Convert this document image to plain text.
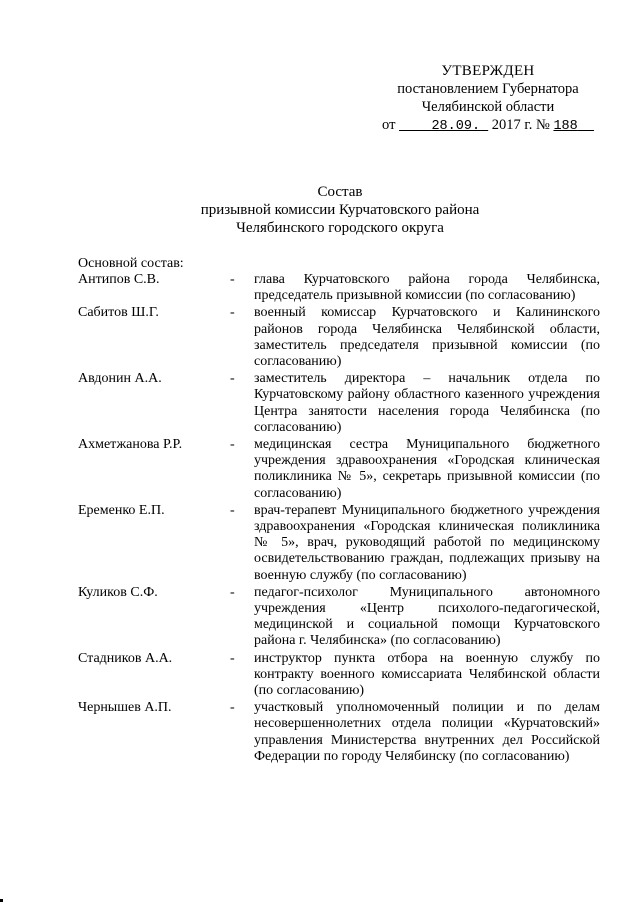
УТВЕРЖДЕН
постановлением Губернатора
Челябинской области
от	28.09. 2017 г. № 188
Состав
призывной комиссии Курчатовского района
Челябинского городского округа
Основной состав:
Антипов С.В.	-	глава Курчатовского района города Челябинска, председатель призывной комиссии (по согласованию)
Сабитов Ш.Г.	-	военный комиссар Курчатовского и Калининского районов города Челябинска Челябинской области, заместитель председателя призывной комиссии (по согласованию)
Авдонин А.А.	-	заместитель директора – начальник отдела по Курчатовскому району областного казенного учреждения Центра занятости населения города Челябинска (по согласованию)
Ахметжанова Р.Р.	-	медицинская сестра Муниципального бюджетного учреждения здравоохранения «Городская клиническая поликлиника № 5», секретарь призывной комиссии (по согласованию)
Еременко Е.П.	-	врач-терапевт Муниципального бюджетного учреждения здравоохранения «Городская клиническая поликлиника № 5», врач, руководящий работой по медицинскому освидетельствованию граждан, подлежащих призыву на военную службу (по согласованию)
Куликов С.Ф.	-	педагог-психолог Муниципального автономного учреждения «Центр психолого-педагогической, медицинской и социальной помощи Курчатовского района г. Челябинска» (по согласованию)
Стадников А.А.	-	инструктор пункта отбора на военную службу по контракту военного комиссариата Челябинской области (по согласованию)
Чернышев А.П.	-	участковый уполномоченный полиции и по делам несовершеннолетних отдела полиции «Курчатовский» управления Министерства внутренних дел Российской Федерации по городу Челябинску (по согласованию)
